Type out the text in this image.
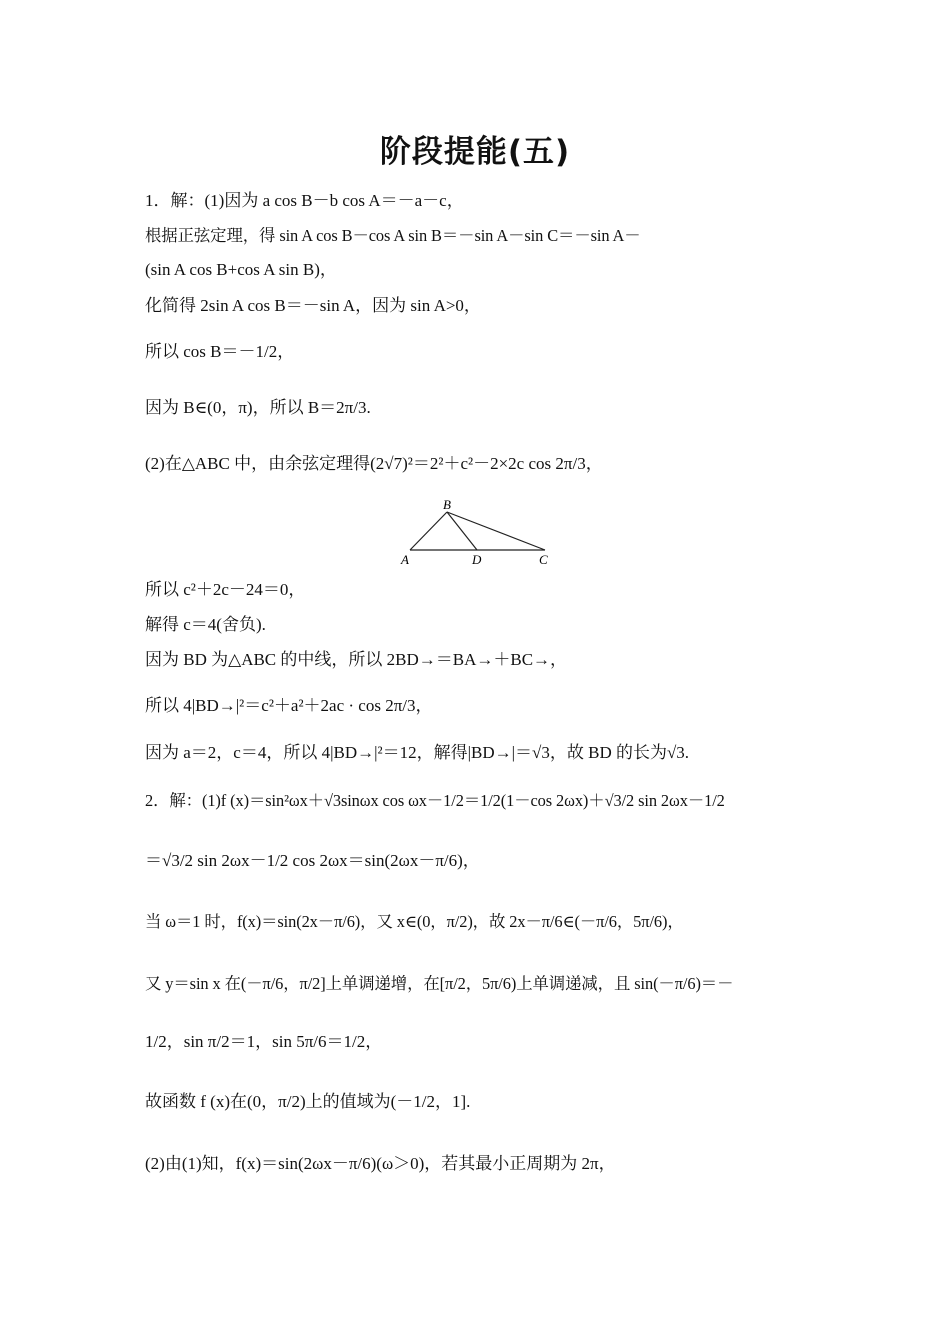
阶段提能(五)
1．解：(1)因为 a cos B－b cos A＝－a－c，
根据正弦定理，得 sin A cos B－cos A sin B＝－sin A－sin C＝－sin A－
(sin A cos B+cos A sin B)，
化简得 2sin A cos B＝－sin A，因为 sin A>0，
所以 cos B＝－1/2，
因为 B∈(0，π)，所以 B＝2π/3.
(2)在△ABC 中，由余弦定理得(2√7)²＝2²＋c²－2×2c cos 2π/3，
B
A	D	C
所以 c²＋2c－24＝0，
解得 c＝4(舍负).
因为 BD 为△ABC 的中线，所以 2BD→＝BA→＋BC→，
所以 4|BD→|²＝c²＋a²＋2ac · cos 2π/3，
因为 a＝2，c＝4，所以 4|BD→|²＝12，解得|BD→|＝√3，故 BD 的长为√3.
2．解：(1)f (x)＝sin²ωx＋√3sinωx cos ωx－1/2＝1/2(1－cos 2ωx)＋√3/2 sin 2ωx－1/2
＝√3/2 sin 2ωx－1/2 cos 2ωx＝sin(2ωx－π/6)，
当 ω＝1 时，f(x)＝sin(2x－π/6)，又 x∈(0，π/2)，故 2x－π/6∈(－π/6，5π/6)，
又 y＝sin x 在(－π/6，π/2]上单调递增，在[π/2，5π/6)上单调递减，且 sin(－π/6)＝－
1/2，sin π/2＝1，sin 5π/6＝1/2，
故函数 f (x)在(0，π/2)上的值域为(－1/2，1].
(2)由(1)知，f(x)＝sin(2ωx－π/6)(ω＞0)，若其最小正周期为 2π，
